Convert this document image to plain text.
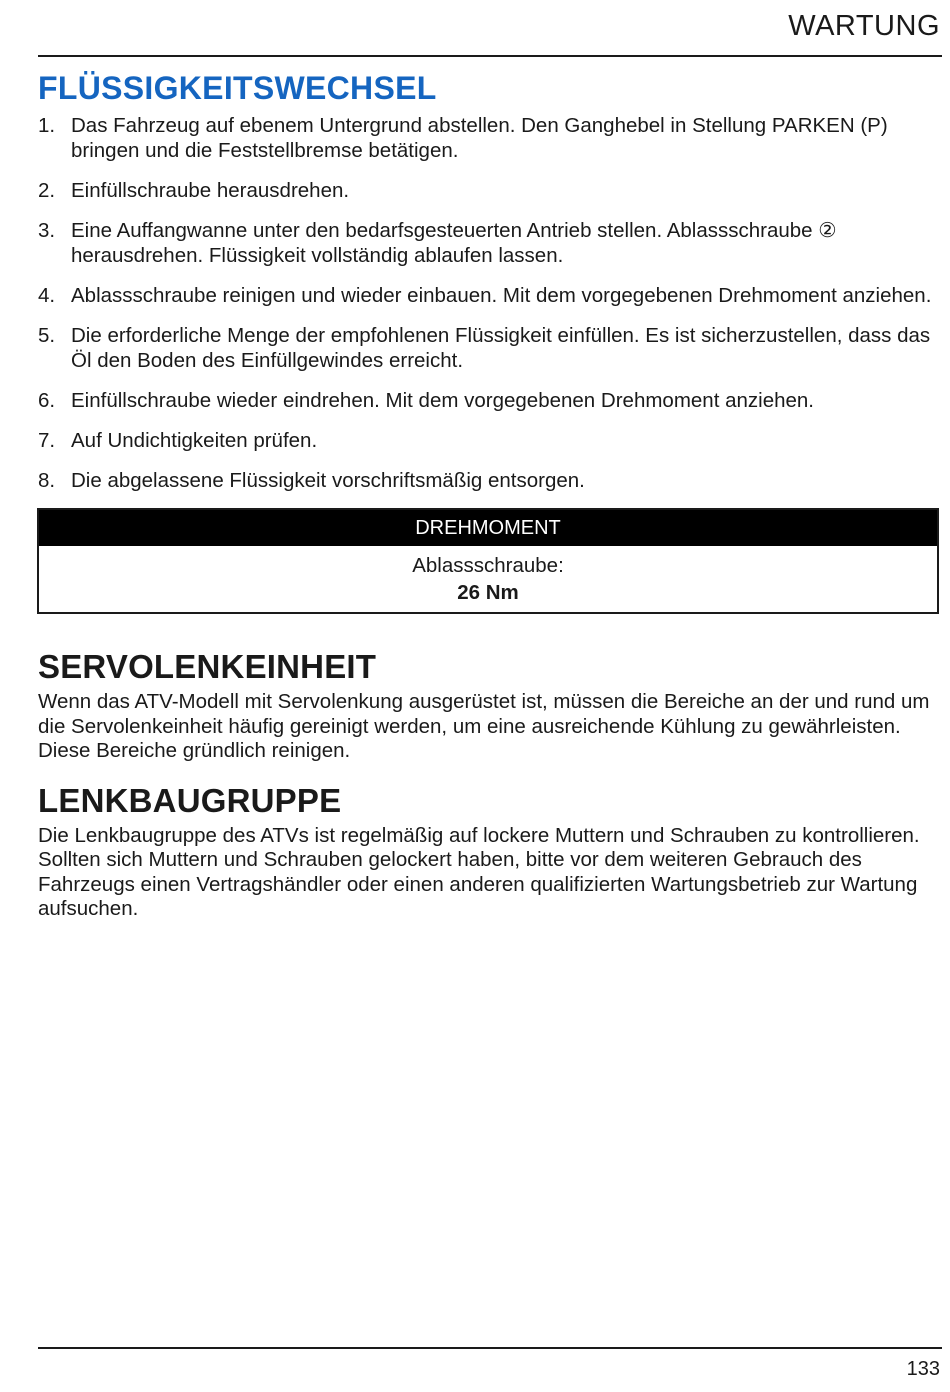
WARTUNG
FLÜSSIGKEITSWECHSEL
1. Das Fahrzeug auf ebenem Untergrund abstellen. Den Ganghebel in Stellung PARKEN (P) bringen und die Feststellbremse betätigen.
2. Einfüllschraube herausdrehen.
3. Eine Auffangwanne unter den bedarfsgesteuerten Antrieb stellen. Ablassschraube ② herausdrehen. Flüssigkeit vollständig ablaufen lassen.
4. Ablassschraube reinigen und wieder einbauen. Mit dem vorgegebenen Drehmoment anziehen.
5. Die erforderliche Menge der empfohlenen Flüssigkeit einfüllen. Es ist sicherzustellen, dass das Öl den Boden des Einfüllgewindes erreicht.
6. Einfüllschraube wieder eindrehen. Mit dem vorgegebenen Drehmoment anziehen.
7. Auf Undichtigkeiten prüfen.
8. Die abgelassene Flüssigkeit vorschriftsmäßig entsorgen.
DREHMOMENT
Ablassschraube:
26 Nm
SERVOLENKEINHEIT

Wenn das ATV-Modell mit Servolenkung ausgerüstet ist, müssen die Bereiche an der und rund um die Servolenkeinheit häufig gereinigt werden, um eine ausreichende Kühlung zu gewährleisten. Diese Bereiche gründlich reinigen.

LENKBAUGRUPPE

Die Lenkbaugruppe des ATVs ist regelmäßig auf lockere Muttern und Schrauben zu kontrollieren. Sollten sich Muttern und Schrauben gelockert haben, bitte vor dem weiteren Gebrauch des Fahrzeugs einen Vertragshändler oder einen anderen qualifizierten Wartungsbetrieb zur Wartung aufsuchen.

133
